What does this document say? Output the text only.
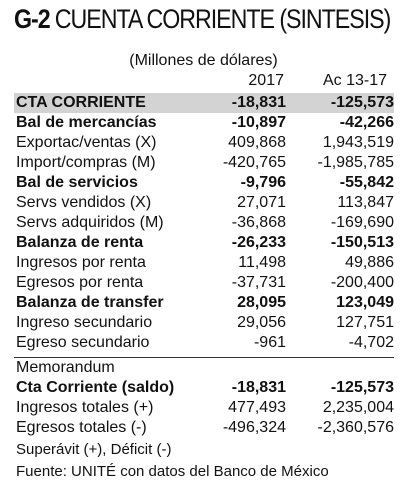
G-2 CUENTA CORRIENTE (SINTESIS)
(Millones de dólares)
2017 Ac 13-17
CTA CORRIENTE	-18,831	-125,573
Bal de mercancías	-10,897	-42,266
Exportac/ventas (X)	409,868 1,943,519
Import/compras (M)	-420,765 -1,985,785
Bal de servicios	-9,796	-55,842
Servs vendidos (X)	27,071	113,847
Servs adquiridos (M)	-36,868	-169,690
Balanza de renta	-26,233	-150,513
Ingresos por renta	11,498	49,886
Egresos por renta	-37,731	-200,400
Balanza de transfer	28,095	123,049
Ingreso secundario	29,056	127,751
Egreso secundario	-961	-4,702
Memorandum
Cta Corriente (saldo)	-18,831	-125,573
Ingresos totales (+)	477,493 2,235,004
Egresos totales (-)	-496,324 -2,360,576
Superávit (+), Déficit (-)
Fuente: UNITÉ con datos del Banco de México
